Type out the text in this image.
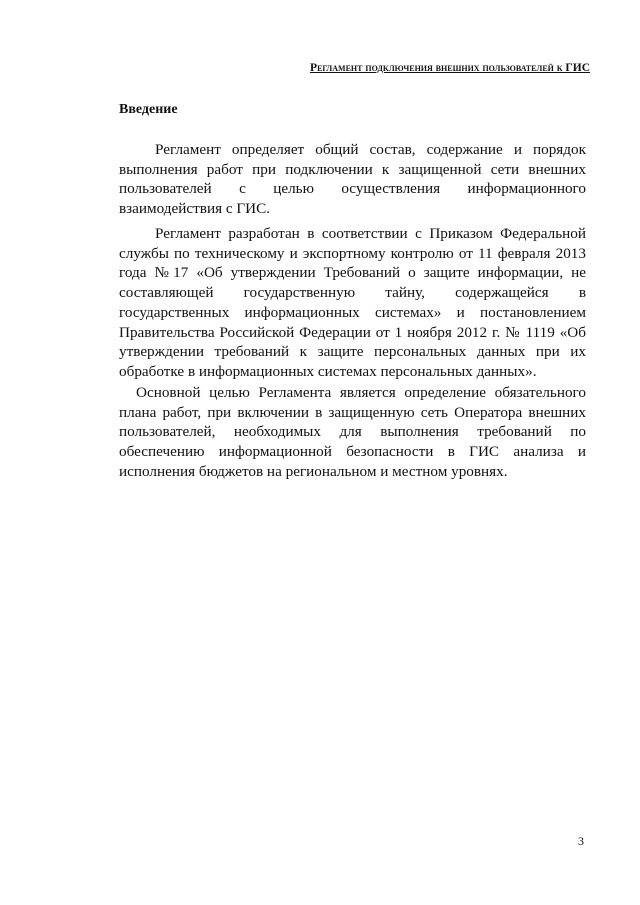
Регламент подключения внешних пользователей к ГИС
Введение

Регламент определяет общий состав, содержание и порядок выполнения работ при подключении к защищенной сети внешних пользователей с целью осуществления информационного взаимодействия с ГИС.

Регламент разработан в соответствии с Приказом Федеральной службы по техническому и экспортному контролю от 11 февраля 2013 года №17 «Об утверждении Требований о защите информации, не составляющей государственную тайну, содержащейся в государственных информационных системах» и постановлением Правительства Российской Федерации от 1 ноября 2012 г. № 1119 «Об утверждении требований к защите персональных данных при их обработке в информационных системах персональных данных».

Основной целью Регламента является определение обязательного плана работ, при включении в защищенную сеть Оператора внешних пользователей, необходимых для выполнения требований по обеспечению информационной безопасности в ГИС анализа и исполнения бюджетов на региональном и местном уровнях.

3
